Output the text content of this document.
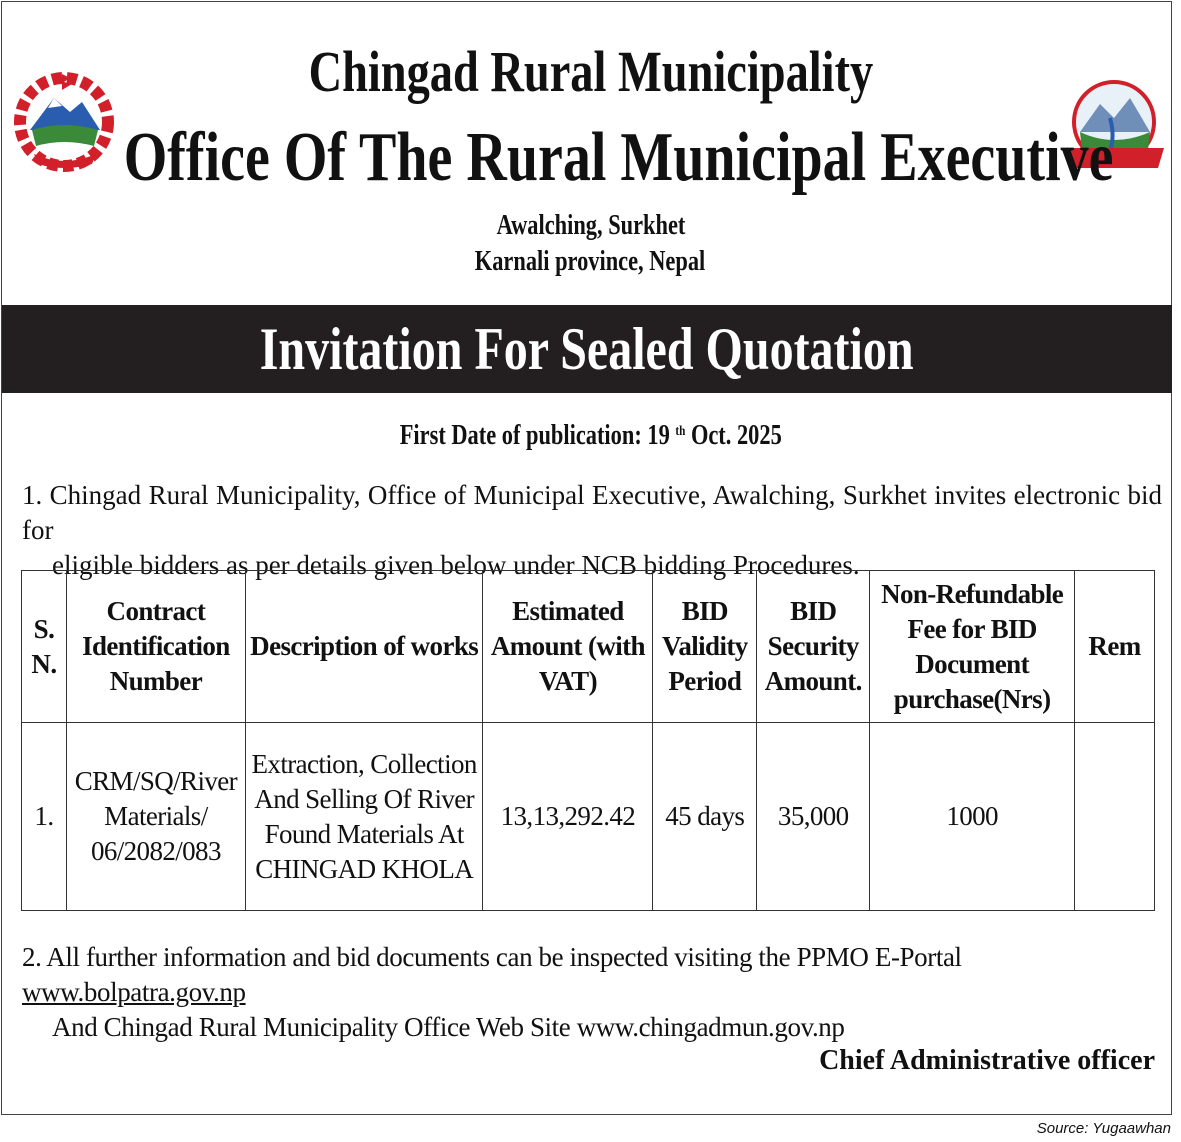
Chingad Rural Municipality
Office Of The Rural Municipal Executive
Awalching, Surkhet
Karnali province, Nepal
Invitation For Sealed Quotation
First Date of publication: 19 $^{th}$ Oct. 2025
1. Chingad Rural Municipality, Office of Municipal Executive, Awalching, Surkhet invites electronic bid for
eligible bidders as per details given below under NCB bidding Procedures.
S. N.	Contract Identification Number	Description of works	Estimated Amount (with VAT)	BID Validity Period	BID Security Amount.	Non-Refundable Fee for BID Document purchase(Nrs)	Rem
1.	CRM/SQ/River Materials/ 06/2082/083	Extraction, Collection And Selling Of River Found Materials At CHINGAD KHOLA	13,13,292.42	45 days	35,000	1000	
2. All further information and bid documents can be inspected visiting the PPMO E-Portal www.bolpatra.gov.np
And Chingad Rural Municipality Office Web Site www.chingadmun.gov.np
Chief Administrative officer
Source: Yugaawhan
